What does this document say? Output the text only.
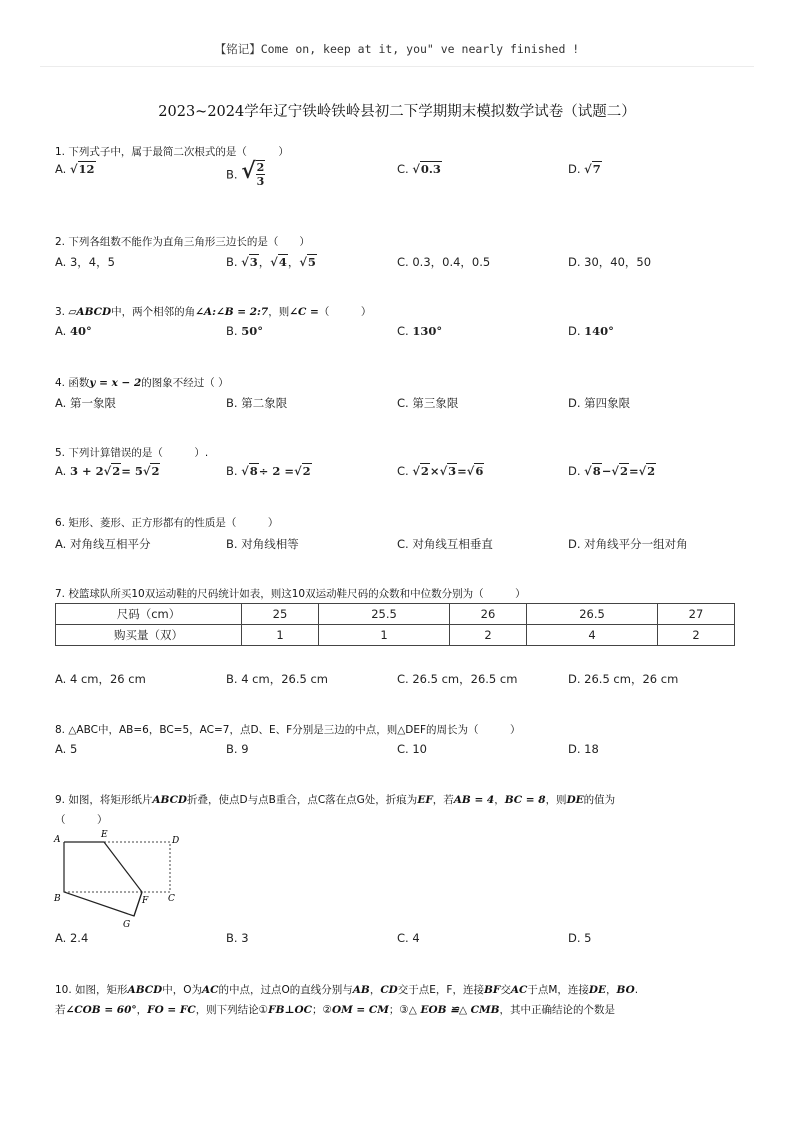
【铭记】Come on, keep at it, you" ve nearly finished !
2023~2024学年辽宁铁岭铁岭县初二下学期期末模拟数学试卷（试题二）
1. 下列式子中，属于最简二次根式的是（　　　）
A. √12	B. √ $\frac{2}{3}$	C. √0.3	D. √7
2. 下列各组数不能作为直角三角形三边长的是（　　）
A. 3，4，5	B. √3，√4，√5	C. 0.3，0.4，0.5	D. 30，40，50
3. ▱ABCD中，两个相邻的角∠A:∠B = 2:7，则∠C =（　　　）
A. 40°	B. 50°	C. 130°	D. 140°
4. 函数y = x − 2的图象不经过（ ）
A. 第一象限	B. 第二象限	C. 第三象限	D. 第四象限
5. 下列计算错误的是（　　　）.
A. 3 + 2√2= 5√2	B. √8÷ 2 =√2	C. √2×√3=√6	D. √8−√2=√2
6. 矩形、菱形、正方形都有的性质是（　　　）
A. 对角线互相平分	B. 对角线相等	C. 对角线互相垂直	D. 对角线平分一组对角
7. 校篮球队所买10双运动鞋的尺码统计如表，则这10双运动鞋尺码的众数和中位数分别为（　　　）
尺码（cm）	25	25.5	26	26.5	27
购买量（双）	1	1	2	4	2
A. 4 cm，26 cm	B. 4 cm，26.5 cm	C. 26.5 cm，26.5 cm	D. 26.5 cm，26 cm
8. △ABC中，AB=6，BC=5，AC=7，点D、E、F分别是三边的中点，则△DEF的周长为（　　　）
A. 5	B. 9	C. 10	D. 18
9. 如图，将矩形纸片ABCD折叠，使点D与点B重合，点C落在点G处，折痕为EF，若AB = 4，BC = 8，则DE的值为
（　　　）
A	E
D
B	F C
G
A. 2.4	B. 3	C. 4	D. 5
10. 如图，矩形ABCD中，O为AC的中点，过点O的直线分别与AB，CD交于点E，F，连接BF交AC于点M，连接DE，BO.
若∠COB = 60°，FO = FC，则下列结论①FB⊥OC；②OM = CM；③△ EOB ≌△ CMB，其中正确结论的个数是
